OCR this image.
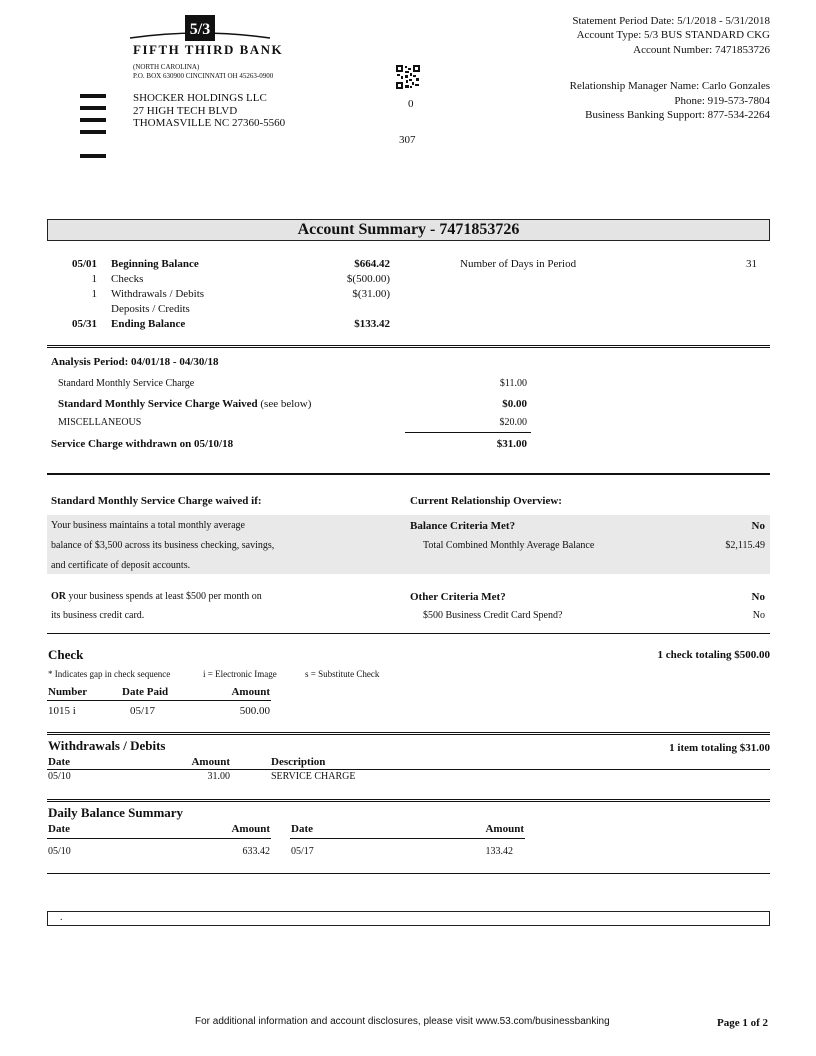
5/3
FIFTH THIRD BANK
(NORTH CAROLINA)
P.O. BOX 630900 CINCINNATI OH 45263-0900
SHOCKER HOLDINGS LLC
27 HIGH TECH BLVD
THOMASVILLE NC 27360-5560
0
307
Statement Period Date: 5/1/2018 - 5/31/2018
Account Type: 5/3 BUS STANDARD CKG
Account Number: 7471853726
Relationship Manager Name: Carlo Gonzales
Phone: 919-573-7804
Business Banking Support: 877-534-2264
Account Summary - 7471853726
05/01 Beginning Balance	$664.42
1 Checks	$(500.00)
1 Withdrawals / Debits	$(31.00)
Deposits / Credits
05/31 Ending Balance	$133.42
Number of Days in Period	31
Analysis Period: 04/01/18 - 04/30/18
Standard Monthly Service Charge	$11.00
Standard Monthly Service Charge Waived (see below)	$0.00
MISCELLANEOUS	$20.00
Service Charge withdrawn on 05/10/18	$31.00
Standard Monthly Service Charge waived if:	Current Relationship Overview:
Your business maintains a total monthly average
balance of $3,500 across its business checking, savings,
and certificate of deposit accounts.
Balance Criteria Met?	No
Total Combined Monthly Average Balance	$2,115.49
OR your business spends at least $500 per month on
its business credit card.
Other Criteria Met?	No
$500 Business Credit Card Spend?	No
Check	1 check totaling $500.00
* Indicates gap in check sequence	i = Electronic Image	s = Substitute Check
Number	Date Paid	Amount
1015 i	05/17	500.00
Withdrawals / Debits	1 item totaling $31.00
Date	Amount	Description
05/10	31.00	SERVICE CHARGE
Daily Balance Summary
Date	Amount Date	Amount
05/10	633.42 05/17	133.42
.
For additional information and account disclosures, please visit www.53.com/businessbanking	Page 1 of 2
